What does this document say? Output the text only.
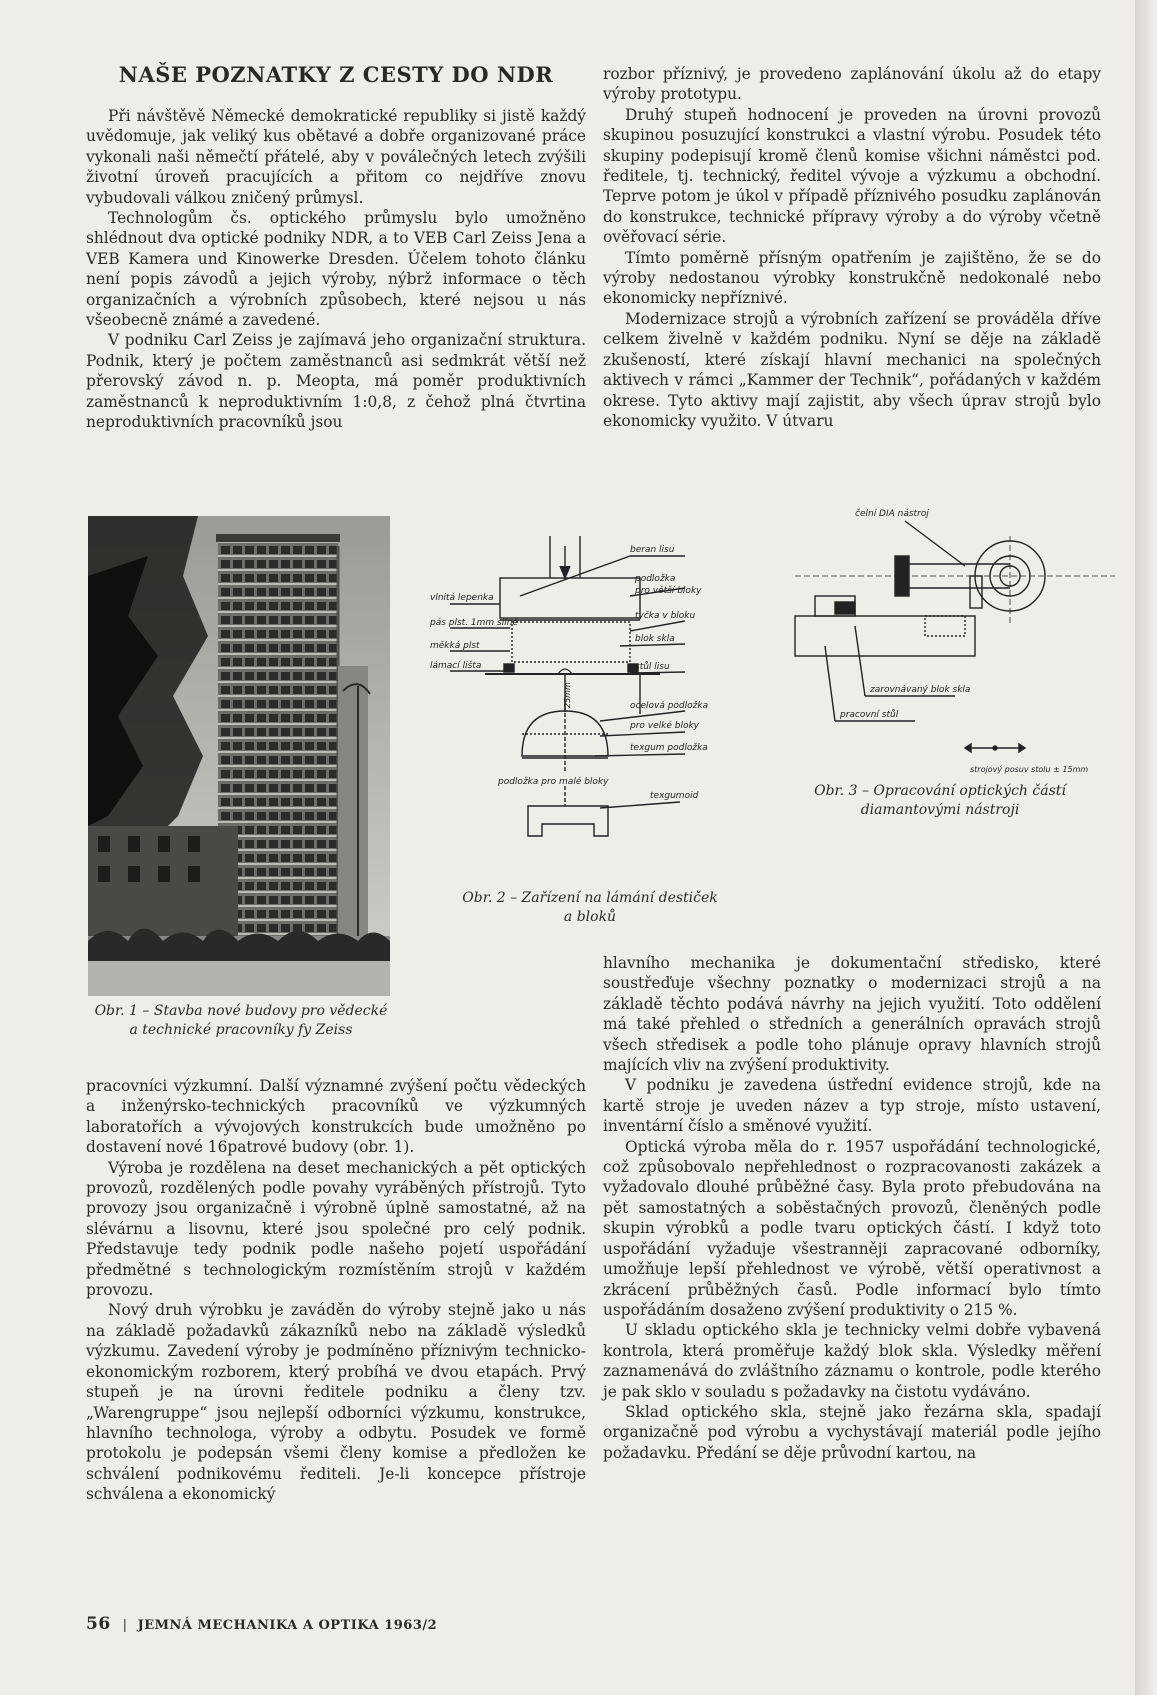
NAŠE POZNATKY Z CESTY DO NDR

Při návštěvě Německé demokratické republiky si jistě každý uvědomuje, jak veliký kus obětavé a dobře organizované práce vykonali naši němečtí přátelé, aby v poválečných letech zvýšili životní úroveň pracujících a přitom co nejdříve znovu vybudovali válkou zničený průmysl.

Technologům čs. optického průmyslu bylo umožněno shlédnout dva optické podniky NDR, a to VEB Carl Zeiss Jena a VEB Kamera und Kinowerke Dresden. Účelem tohoto článku není popis závodů a jejich výroby, nýbrž informace o těch organizačních a výrobních způsobech, které nejsou u nás všeobecně známé a zavedené.

V podniku Carl Zeiss je zajímavá jeho organizační struktura. Podnik, který je počtem zaměstnanců asi sedmkrát větší než přerovský závod n. p. Meopta, má poměr produktivních zaměstnanců k neproduktivním 1:0,8, z čehož plná čtvrtina neproduktivních pracovníků jsou

rozbor příznivý, je provedeno zaplánování úkolu až do etapy výroby prototypu.

Druhý stupeň hodnocení je proveden na úrovni provozů skupinou posuzující konstrukci a vlastní výrobu. Posudek této skupiny podepisují kromě členů komise všichni náměstci pod. ředitele, tj. technický, ředitel vývoje a výzkumu a obchodní. Teprve potom je úkol v případě příznivého posudku zaplánován do konstrukce, technické přípravy výroby a do výroby včetně ověřovací série.

Tímto poměrně přísným opatřením je zajištěno, že se do výroby nedostanou výrobky konstrukčně nedokonalé nebo ekonomicky nepříznivé.

Modernizace strojů a výrobních zařízení se prováděla dříve celkem živelně v každém podniku. Nyní se děje na základě zkušeností, které získají hlavní mechanici na společných aktivech v rámci „Kammer der Technik“, pořádaných v každém okrese. Tyto aktivy mají zajistit, aby všech úprav strojů bylo ekonomicky využito. V útvaru

Obr. 1 – Stavba nové budovy pro vědecké
a technické pracovníky fy Zeiss
beran lisu
podložka
pro větší bloky
tyčka v bloku
blok skla
stůl lisu
vlnitá lepenka
pás plst. 1mm silné
měkká plst
lámací lišta
25mm	ocelová podložka
pro velké bloky
texgum podložka
podložka pro malé bloky
texgumoid
Obr. 2 – Zařízení na lámání destiček
a bloků
čelní DIA nástroj
zarovnávaný blok skla
pracovní stůl
strojový posuv stolu ± 15mm
Obr. 3 – Opracování optických částí
diamantovými nástroji

pracovníci výzkumní. Další významné zvýšení počtu vědeckých a inženýrsko-technických pracovníků ve výzkumných laboratořích a vývojových konstrukcích bude umožněno po dostavení nové 16patrové budovy (obr. 1).

Výroba je rozdělena na deset mechanických a pět optických provozů, rozdělených podle povahy vyráběných přístrojů. Tyto provozy jsou organizačně i výrobně úplně samostatné, až na slévárnu a lisovnu, které jsou společné pro celý podnik. Představuje tedy podnik podle našeho pojetí uspořádání předmětné s technologickým rozmístěním strojů v každém provozu.

Nový druh výrobku je zaváděn do výroby stejně jako u nás na základě požadavků zákazníků nebo na základě výsledků výzkumu. Zavedení výroby je podmíněno příznivým technicko-ekonomickým rozborem, který probíhá ve dvou etapách. Prvý stupeň je na úrovni ředitele podniku a členy tzv. „Warengruppe“ jsou nejlepší odborníci výzkumu, konstrukce, hlavního technologa, výroby a odbytu. Posudek ve formě protokolu je podepsán všemi členy komise a předložen ke schválení podnikovému řediteli. Je-li koncepce přístroje schválena a ekonomický

hlavního mechanika je dokumentační středisko, které soustřeďuje všechny poznatky o modernizaci strojů a na základě těchto podává návrhy na jejich využití. Toto oddělení má také přehled o středních a generálních opravách strojů všech středisek a podle toho plánuje opravy hlavních strojů majících vliv na zvýšení produktivity.

V podniku je zavedena ústřední evidence strojů, kde na kartě stroje je uveden název a typ stroje, místo ustavení, inventární číslo a směnové využití.

Optická výroba měla do r. 1957 uspořádání technologické, což způsobovalo nepřehlednost o rozpracovanosti zakázek a vyžadovalo dlouhé průběžné časy. Byla proto přebudována na pět samostatných a soběstačných provozů, členěných podle skupin výrobků a podle tvaru optických částí. I když toto uspořádání vyžaduje všestranněji zapracované odborníky, umožňuje lepší přehlednost ve výrobě, větší operativnost a zkrácení průběžných časů. Podle informací bylo tímto uspořádáním dosaženo zvýšení produktivity o 215 %.

U skladu optického skla je technicky velmi dobře vybavená kontrola, která proměřuje každý blok skla. Výsledky měření zaznamenává do zvláštního záznamu o kontrole, podle kterého je pak sklo v souladu s požadavky na čistotu vydáváno.

Sklad optického skla, stejně jako řezárna skla, spadají organizačně pod výrobu a vychystávají materiál podle jejího požadavku. Předání se děje průvodní kartou, na

56 | JEMNÁ MECHANIKA A OPTIKA 1963/2
